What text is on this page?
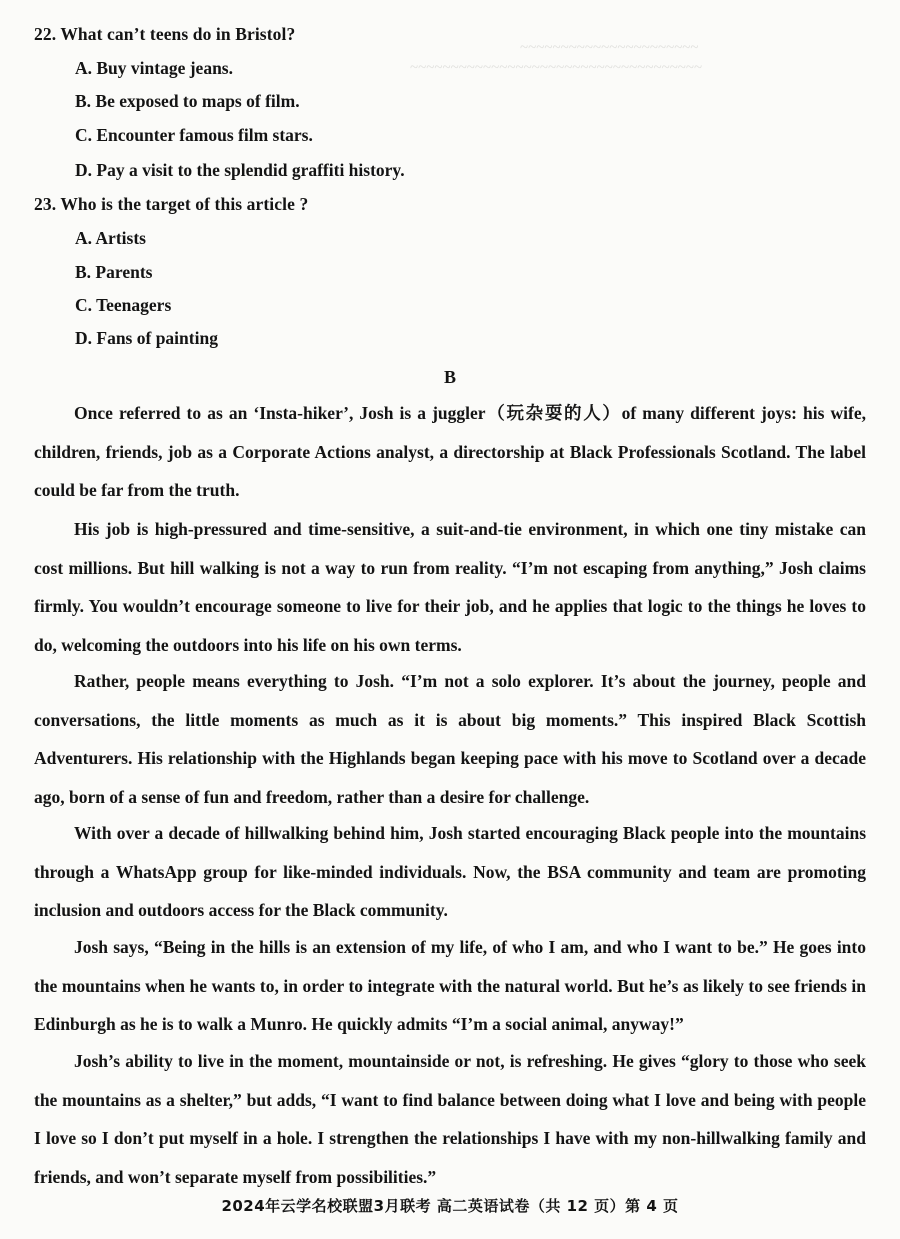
~~~~~~~~~~~~~~~~~~~~~~
~~~~~~~~~~~~~~~~~~~~~~~~~~~~~~~~~~~~
22. What can’t teens do in Bristol?
A. Buy vintage jeans.
B. Be exposed to maps of film.
C. Encounter famous film stars.
D. Pay a visit to the splendid graffiti history.
23. Who is the target of this article ?
A. Artists
B. Parents
C. Teenagers
D. Fans of painting
B
Once referred to as an ‘Insta-hiker’, Josh is a juggler（玩杂耍的人）of many different joys: his wife, children, friends, job as a Corporate Actions analyst, a directorship at Black Professionals Scotland. The label could be far from the truth.
His job is high-pressured and time-sensitive, a suit-and-tie environment, in which one tiny mistake can cost millions. But hill walking is not a way to run from reality. “I’m not escaping from anything,” Josh claims firmly. You wouldn’t encourage someone to live for their job, and he applies that logic to the things he loves to do, welcoming the outdoors into his life on his own terms.
Rather, people means everything to Josh. “I’m not a solo explorer. It’s about the journey, people and conversations, the little moments as much as it is about big moments.” This inspired Black Scottish Adventurers. His relationship with the Highlands began keeping pace with his move to Scotland over a decade ago, born of a sense of fun and freedom, rather than a desire for challenge.
With over a decade of hillwalking behind him, Josh started encouraging Black people into the mountains through a WhatsApp group for like-minded individuals. Now, the BSA community and team are promoting inclusion and outdoors access for the Black community.
Josh says, “Being in the hills is an extension of my life, of who I am, and who I want to be.” He goes into the mountains when he wants to, in order to integrate with the natural world. But he’s as likely to see friends in Edinburgh as he is to walk a Munro. He quickly admits “I’m a social animal, anyway!”
Josh’s ability to live in the moment, mountainside or not, is refreshing. He gives “glory to those who seek the mountains as a shelter,” but adds, “I want to find balance between doing what I love and being with people I love so I don’t put myself in a hole. I strengthen the relationships I have with my non-hillwalking family and friends, and won’t separate myself from possibilities.”
2024年云学名校联盟3月联考 高二英语试卷（共 12 页）第 4 页
